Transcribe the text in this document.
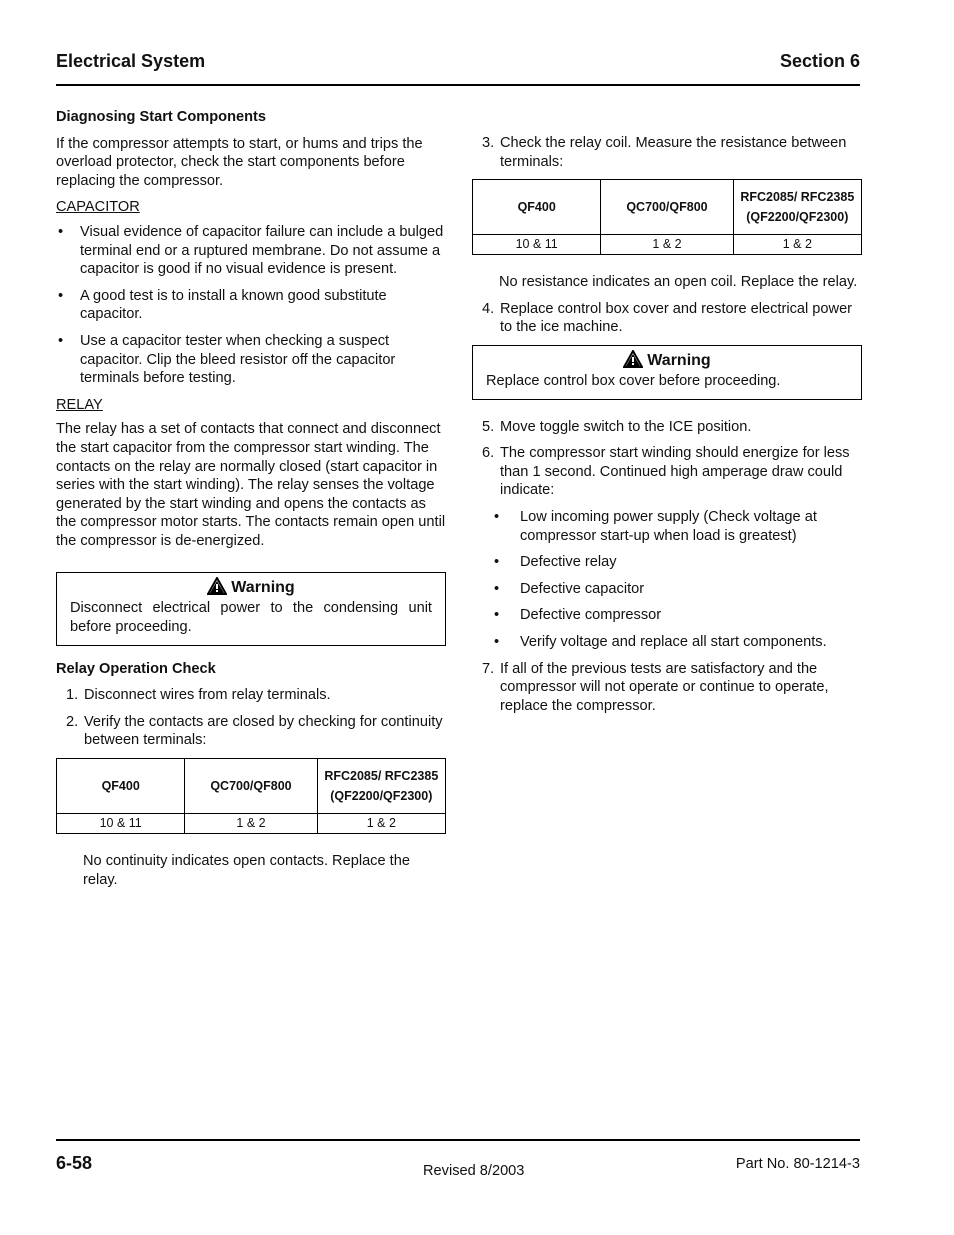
Electrical System	Section 6
Diagnosing Start Components

If the compressor attempts to start, or hums and trips the overload protector, check the start components before replacing the compressor.

CAPACITOR

• Visual evidence of capacitor failure can include a bulged terminal end or a ruptured membrane. Do not assume a capacitor is good if no visual evidence is present.
• A good test is to install a known good substitute capacitor.
• Use a capacitor tester when checking a suspect capacitor. Clip the bleed resistor off the capacitor terminals before testing.

RELAY

The relay has a set of contacts that connect and disconnect the start capacitor from the compressor start winding. The contacts on the relay are normally closed (start capacitor in series with the start winding). The relay senses the voltage generated by the start winding and opens the contacts as the compressor motor starts. The contacts remain open until the compressor is de-energized.

Warning
Disconnect electrical power to the condensing unit before proceeding.
Relay Operation Check
1. Disconnect wires from relay terminals.
2. Verify the contacts are closed by checking for continuity between terminals:
QF400	QC700/QF800	RFC2085/ RFC2385
(QF2200/QF2300)

10 & 11	1 & 2	1 & 2

No continuity indicates open contacts. Replace the relay.

3. Check the relay coil. Measure the resistance between terminals:
QF400	QC700/QF800	RFC2085/ RFC2385
(QF2200/QF2300)

10 & 11	1 & 2	1 & 2

No resistance indicates an open coil. Replace the relay.

4. Replace control box cover and restore electrical power to the ice machine.
Warning
Replace control box cover before proceeding.
5. Move toggle switch to the ICE position.
6. The compressor start winding should energize for less than 1 second. Continued high amperage draw could indicate:
• Low incoming power supply (Check voltage at compressor start-up when load is greatest)
• Defective relay
• Defective capacitor
• Defective compressor
• Verify voltage and replace all start components.
7. If all of the previous tests are satisfactory and the compressor will not operate or continue to operate, replace the compressor.
6-58	Revised 8/2003	Part No. 80-1214-3
